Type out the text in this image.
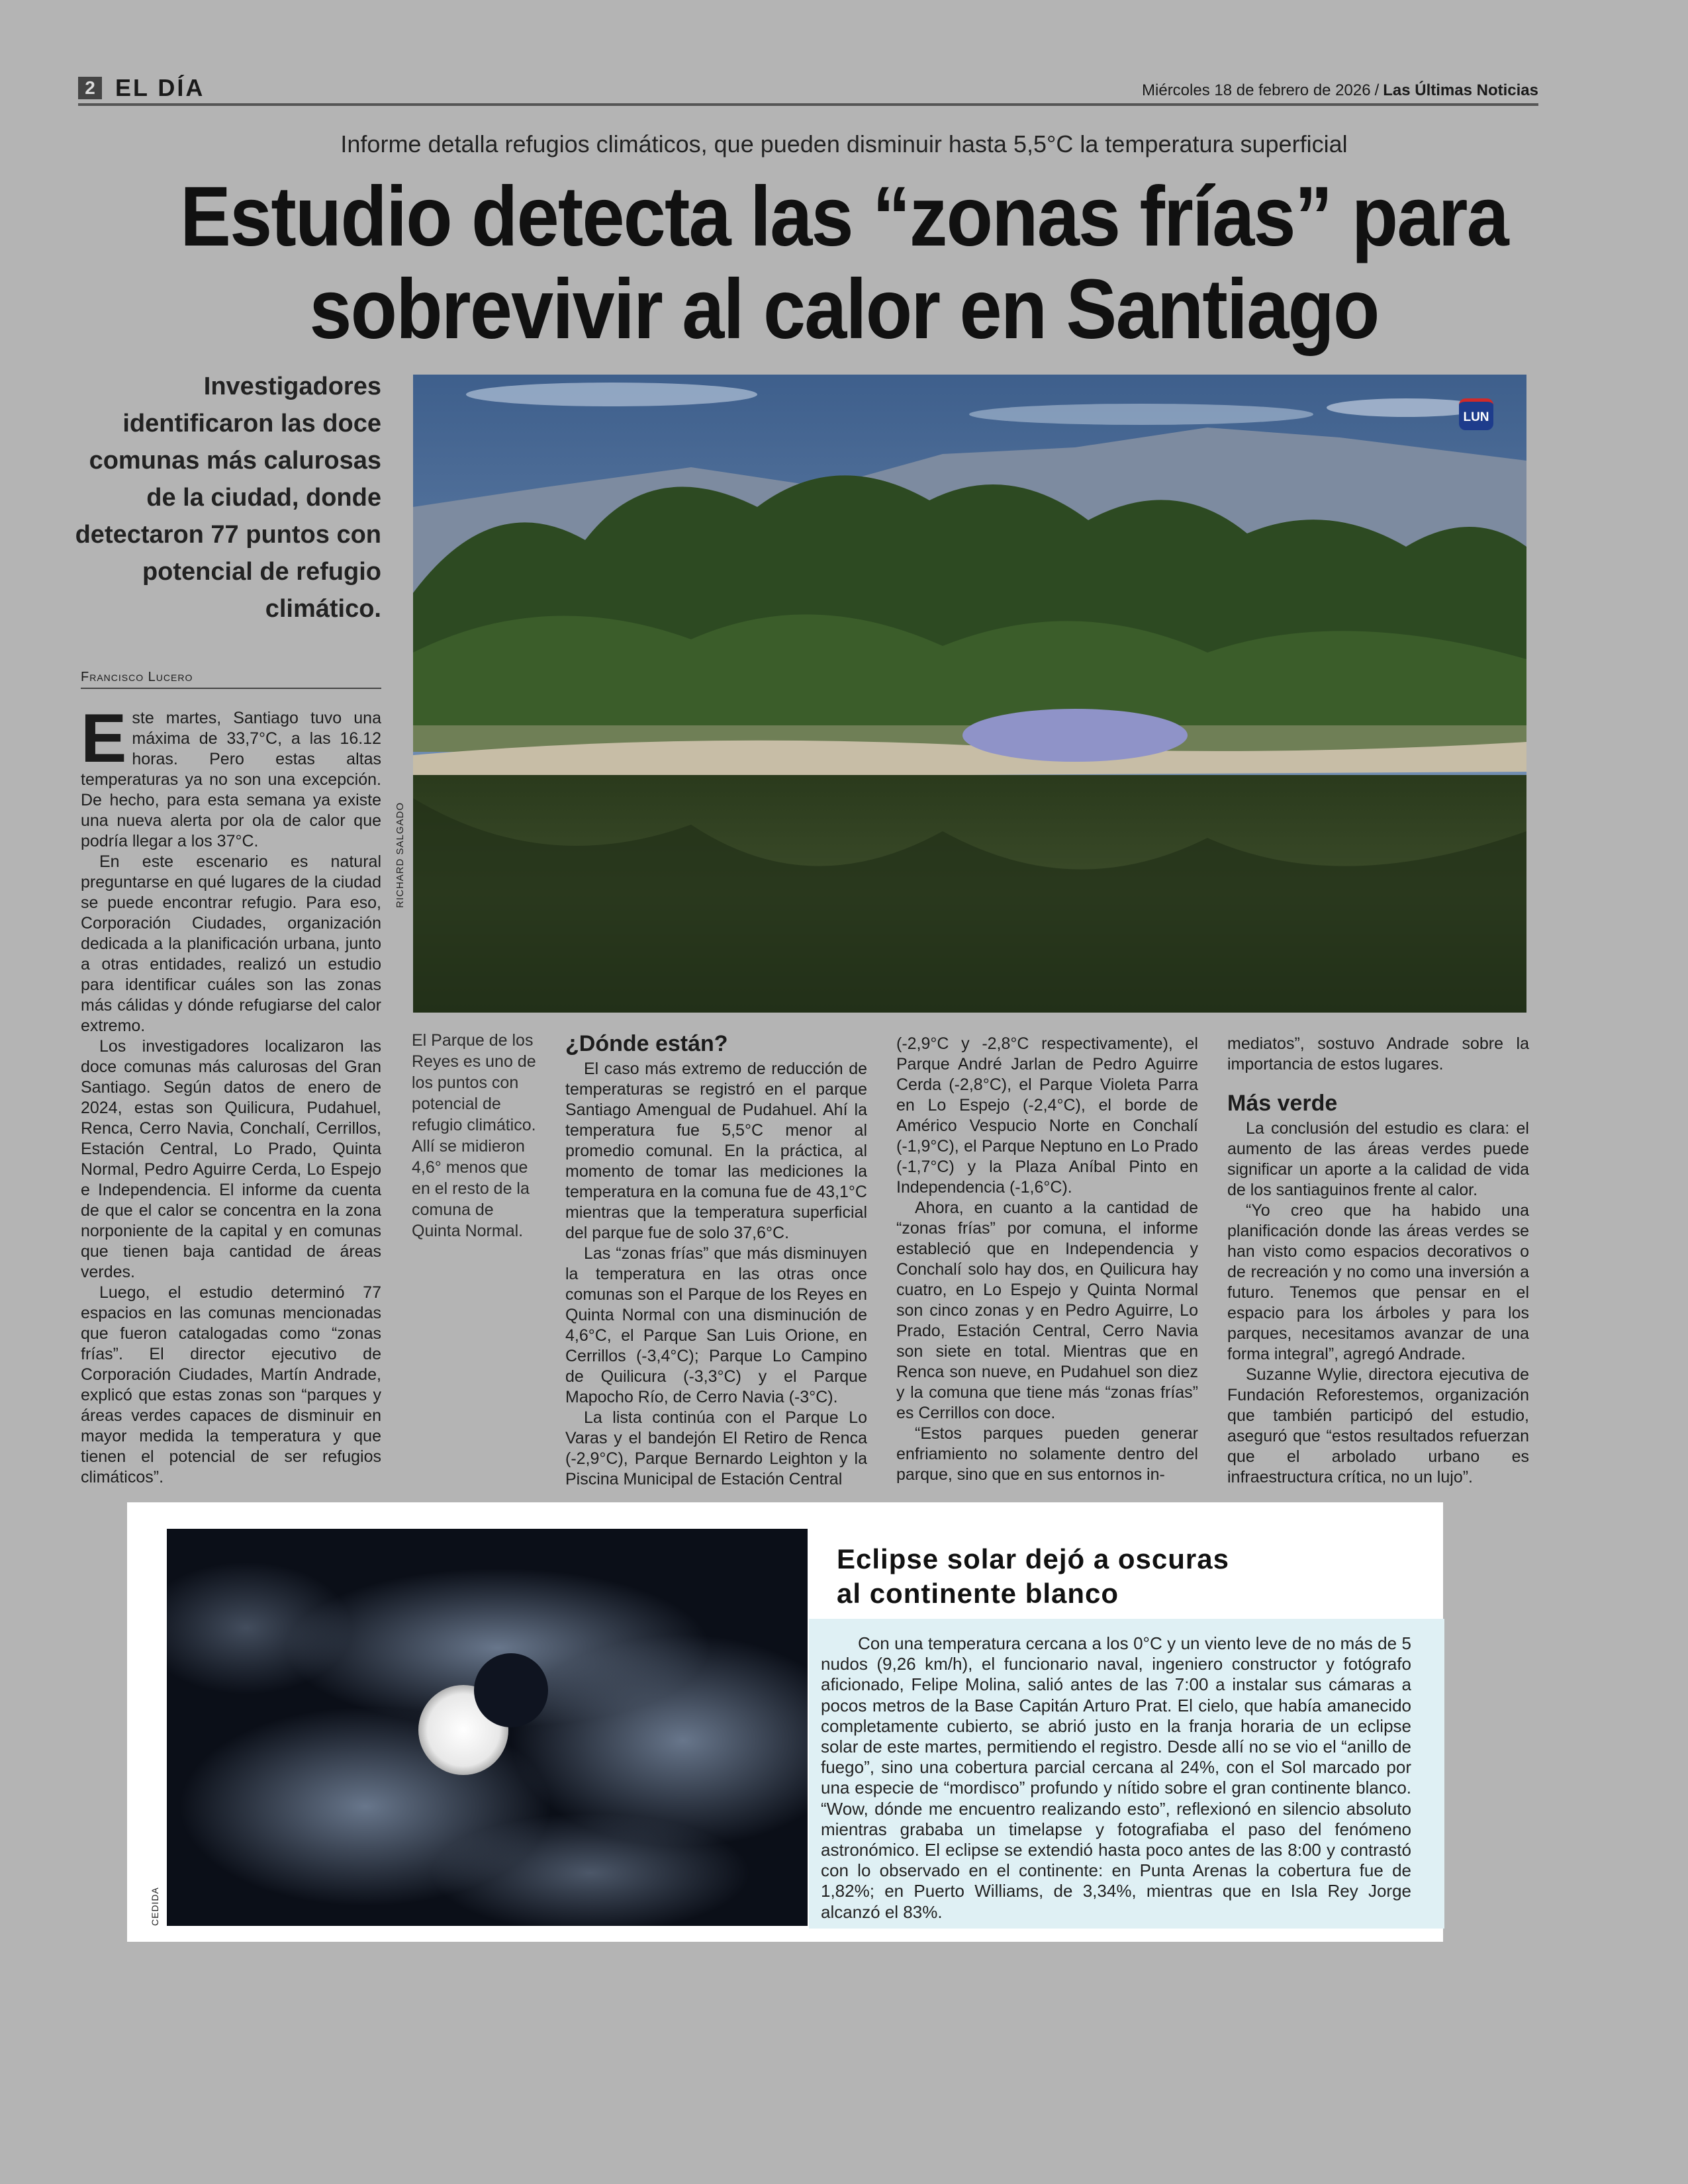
2 EL DÍA	Miércoles 18 de febrero de 2026 / Las Últimas Noticias
Informe detalla refugios climáticos, que pueden disminuir hasta 5,5°C la temperatura superficial
Estudio detecta las “zonas frías” para
sobrevivir al calor en Santiago
Investigadores identificaron las doce comunas más calurosas de la ciudad, donde detectaron 77 puntos con potencial de refugio climático.
Francisco Lucero
RICHARD SALGADO
LUN
El Parque de los Reyes es uno de los puntos con potencial de refugio climático. Allí se midieron 4,6° menos que en el resto de la comuna de Quinta Normal.

Este martes, Santiago tuvo una máxima de 33,7°C, a las 16.12 horas. Pero estas altas temperaturas ya no son una excepción. De hecho, para esta semana ya existe una nueva alerta por ola de calor que podría llegar a los 37°C.

En este escenario es natural preguntarse en qué lugares de la ciudad se puede encontrar refugio. Para eso, Corporación Ciudades, organización dedicada a la planificación urbana, junto a otras entidades, realizó un estudio para identificar cuáles son las zonas más cálidas y dónde refugiarse del calor extremo.

Los investigadores localizaron las doce comunas más calurosas del Gran Santiago. Según datos de enero de 2024, estas son Quilicura, Pudahuel, Renca, Cerro Navia, Conchalí, Cerrillos, Estación Central, Lo Prado, Quinta Normal, Pedro Aguirre Cerda, Lo Espejo e Independencia. El informe da cuenta de que el calor se concentra en la zona norponiente de la capital y en comunas que tienen baja cantidad de áreas verdes.

Luego, el estudio determinó 77 espacios en las comunas mencionadas que fueron catalogadas como “zonas frías”. El director ejecutivo de Corporación Ciudades, Martín Andrade, explicó que estas zonas son “parques y áreas verdes capaces de disminuir en mayor medida la temperatura y que tienen el potencial de ser refugios climáticos”.

¿Dónde están?

El caso más extremo de reducción de temperaturas se registró en el parque Santiago Amengual de Pudahuel. Ahí la temperatura fue 5,5°C menor al promedio comunal. En la práctica, al momento de tomar las mediciones la temperatura en la comuna fue de 43,1°C mientras que la temperatura superficial del parque fue de solo 37,6°C.

Las “zonas frías” que más disminuyen la temperatura en las otras once comunas son el Parque de los Reyes en Quinta Normal con una disminución de 4,6°C, el Parque San Luis Orione, en Cerrillos (-3,4°C); Parque Lo Campino de Quilicura (-3,3°C) y el Parque Mapocho Río, de Cerro Navia (-3°C).

La lista continúa con el Parque Lo Varas y el bandejón El Retiro de Renca (-2,9°C), Parque Bernardo Leighton y la Piscina Municipal de Estación Central

(-2,9°C y -2,8°C respectivamente), el Parque André Jarlan de Pedro Aguirre Cerda (-2,8°C), el Parque Violeta Parra en Lo Espejo (-2,4°C), el borde de Américo Vespucio Norte en Conchalí (-1,9°C), el Parque Neptuno en Lo Prado (-1,7°C) y la Plaza Aníbal Pinto en Independencia (-1,6°C).

Ahora, en cuanto a la cantidad de “zonas frías” por comuna, el informe estableció que en Independencia y Conchalí solo hay dos, en Quilicura hay cuatro, en Lo Espejo y Quinta Normal son cinco zonas y en Pedro Aguirre, Lo Prado, Estación Central, Cerro Navia son siete en total. Mientras que en Renca son nueve, en Pudahuel son diez y la comuna que tiene más “zonas frías” es Cerrillos con doce.

“Estos parques pueden generar enfriamiento no solamente dentro del parque, sino que en sus entornos in-

mediatos”, sostuvo Andrade sobre la importancia de estos lugares.

Más verde

La conclusión del estudio es clara: el aumento de las áreas verdes puede significar un aporte a la calidad de vida de los santiaguinos frente al calor.

“Yo creo que ha habido una planificación donde las áreas verdes se han visto como espacios decorativos o de recreación y no como una inversión a futuro. Tenemos que pensar en el espacio para los árboles y para los parques, necesitamos avanzar de una forma integral”, agregó Andrade.

Suzanne Wylie, directora ejecutiva de Fundación Reforestemos, organización que también participó del estudio, aseguró que “estos resultados refuerzan que el arbolado urbano es infraestructura crítica, no un lujo”.

CEDIDA
Eclipse solar dejó a oscuras
al continente blanco

Con una temperatura cercana a los 0°C y un viento leve de no más de 5 nudos (9,26 km/h), el funcionario naval, ingeniero constructor y fotógrafo aficionado, Felipe Molina, salió antes de las 7:00 a instalar sus cámaras a pocos metros de la Base Capitán Arturo Prat. El cielo, que había amanecido completamente cubierto, se abrió justo en la franja horaria de un eclipse solar de este martes, permitiendo el registro. Desde allí no se vio el “anillo de fuego”, sino una cobertura parcial cercana al 24%, con el Sol marcado por una especie de “mordisco” profundo y nítido sobre el gran continente blanco. “Wow, dónde me encuentro realizando esto”, reflexionó en silencio absoluto mientras grababa un timelapse y fotografiaba el paso del fenómeno astronómico. El eclipse se extendió hasta poco antes de las 8:00 y contrastó con lo observado en el continente: en Punta Arenas la cobertura fue de 1,82%; en Puerto Williams, de 3,34%, mientras que en Isla Rey Jorge alcanzó el 83%.
